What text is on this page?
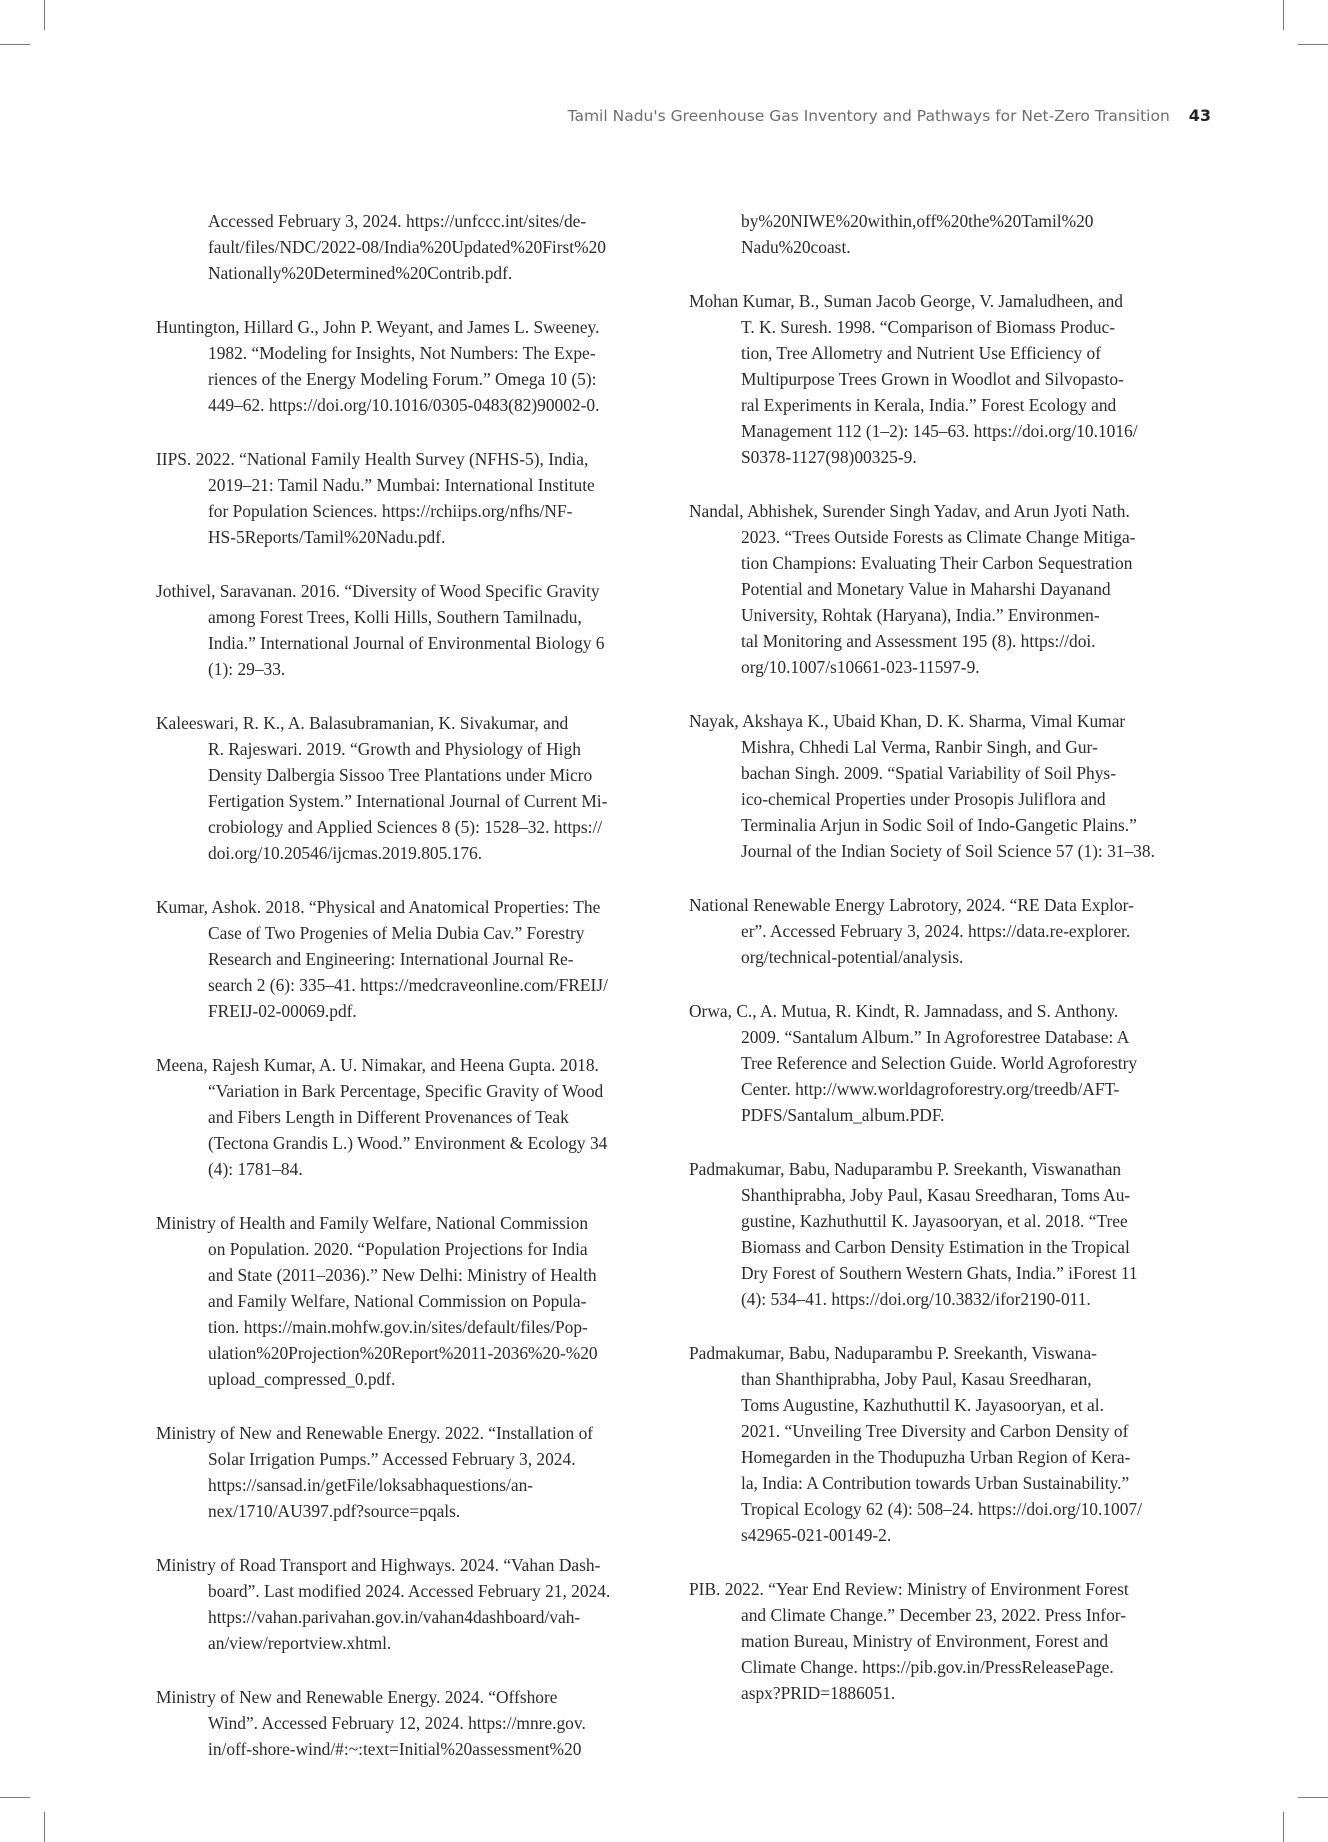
Tamil Nadu's Greenhouse Gas Inventory and Pathways for Net-Zero Transition 43
Accessed February 3, 2024. https://unfccc.int/sites/de-
fault/files/NDC/2022-08/India%20Updated%20First%20
Nationally%20Determined%20Contrib.pdf.
Huntington, Hillard G., John P. Weyant, and James L. Sweeney.
1982. “Modeling for Insights, Not Numbers: The Expe-
riences of the Energy Modeling Forum.” Omega 10 (5):
449–62. https://doi.org/10.1016/0305-0483(82)90002-0.
IIPS. 2022. “National Family Health Survey (NFHS-5), India,
2019–21: Tamil Nadu.” Mumbai: International Institute
for Population Sciences. https://rchiips.org/nfhs/NF-
HS-5Reports/Tamil%20Nadu.pdf.
Jothivel, Saravanan. 2016. “Diversity of Wood Specific Gravity
among Forest Trees, Kolli Hills, Southern Tamilnadu,
India.” International Journal of Environmental Biology 6
(1): 29–33.
Kaleeswari, R. K., A. Balasubramanian, K. Sivakumar, and
R. Rajeswari. 2019. “Growth and Physiology of High
Density Dalbergia Sissoo Tree Plantations under Micro
Fertigation System.” International Journal of Current Mi-
crobiology and Applied Sciences 8 (5): 1528–32. https://
doi.org/10.20546/ijcmas.2019.805.176.
Kumar, Ashok. 2018. “Physical and Anatomical Properties: The
Case of Two Progenies of Melia Dubia Cav.” Forestry
Research and Engineering: International Journal Re-
search 2 (6): 335–41. https://medcraveonline.com/FREIJ/
FREIJ-02-00069.pdf.
Meena, Rajesh Kumar, A. U. Nimakar, and Heena Gupta. 2018.
“Variation in Bark Percentage, Specific Gravity of Wood
and Fibers Length in Different Provenances of Teak
(Tectona Grandis L.) Wood.” Environment & Ecology 34
(4): 1781–84.
Ministry of Health and Family Welfare, National Commission
on Population. 2020. “Population Projections for India
and State (2011–2036).” New Delhi: Ministry of Health
and Family Welfare, National Commission on Popula-
tion. https://main.mohfw.gov.in/sites/default/files/Pop-
ulation%20Projection%20Report%2011-2036%20-%20
upload_compressed_0.pdf.
Ministry of New and Renewable Energy. 2022. “Installation of
Solar Irrigation Pumps.” Accessed February 3, 2024.
https://sansad.in/getFile/loksabhaquestions/an-
nex/1710/AU397.pdf?source=pqals.
Ministry of Road Transport and Highways. 2024. “Vahan Dash-
board”. Last modified 2024. Accessed February 21, 2024.
https://vahan.parivahan.gov.in/vahan4dashboard/vah-
an/view/reportview.xhtml.
Ministry of New and Renewable Energy. 2024. “Offshore
Wind”. Accessed February 12, 2024. https://mnre.gov.
in/off-shore-wind/#:~:text=Initial%20assessment%20
by%20NIWE%20within,off%20the%20Tamil%20
Nadu%20coast.
Mohan Kumar, B., Suman Jacob George, V. Jamaludheen, and
T. K. Suresh. 1998. “Comparison of Biomass Produc-
tion, Tree Allometry and Nutrient Use Efficiency of
Multipurpose Trees Grown in Woodlot and Silvopasto-
ral Experiments in Kerala, India.” Forest Ecology and
Management 112 (1–2): 145–63. https://doi.org/10.1016/
S0378-1127(98)00325-9.
Nandal, Abhishek, Surender Singh Yadav, and Arun Jyoti Nath.
2023. “Trees Outside Forests as Climate Change Mitiga-
tion Champions: Evaluating Their Carbon Sequestration
Potential and Monetary Value in Maharshi Dayanand
University, Rohtak (Haryana), India.” Environmen-
tal Monitoring and Assessment 195 (8). https://doi.
org/10.1007/s10661-023-11597-9.
Nayak, Akshaya K., Ubaid Khan, D. K. Sharma, Vimal Kumar
Mishra, Chhedi Lal Verma, Ranbir Singh, and Gur-
bachan Singh. 2009. “Spatial Variability of Soil Phys-
ico-chemical Properties under Prosopis Juliflora and
Terminalia Arjun in Sodic Soil of Indo-Gangetic Plains.”
Journal of the Indian Society of Soil Science 57 (1): 31–38.
National Renewable Energy Labrotory, 2024. “RE Data Explor-
er”. Accessed February 3, 2024. https://data.re-explorer.
org/technical-potential/analysis.
Orwa, C., A. Mutua, R. Kindt, R. Jamnadass, and S. Anthony.
2009. “Santalum Album.” In Agroforestree Database: A
Tree Reference and Selection Guide. World Agroforestry
Center. http://www.worldagroforestry.org/treedb/AFT-
PDFS/Santalum_album.PDF.
Padmakumar, Babu, Naduparambu P. Sreekanth, Viswanathan
Shanthiprabha, Joby Paul, Kasau Sreedharan, Toms Au-
gustine, Kazhuthuttil K. Jayasooryan, et al. 2018. “Tree
Biomass and Carbon Density Estimation in the Tropical
Dry Forest of Southern Western Ghats, India.” iForest 11
(4): 534–41. https://doi.org/10.3832/ifor2190-011.
Padmakumar, Babu, Naduparambu P. Sreekanth, Viswana-
than Shanthiprabha, Joby Paul, Kasau Sreedharan,
Toms Augustine, Kazhuthuttil K. Jayasooryan, et al.
2021. “Unveiling Tree Diversity and Carbon Density of
Homegarden in the Thodupuzha Urban Region of Kera-
la, India: A Contribution towards Urban Sustainability.”
Tropical Ecology 62 (4): 508–24. https://doi.org/10.1007/
s42965-021-00149-2.
PIB. 2022. “Year End Review: Ministry of Environment Forest
and Climate Change.” December 23, 2022. Press Infor-
mation Bureau, Ministry of Environment, Forest and
Climate Change. https://pib.gov.in/PressReleasePage.
aspx?PRID=1886051.
